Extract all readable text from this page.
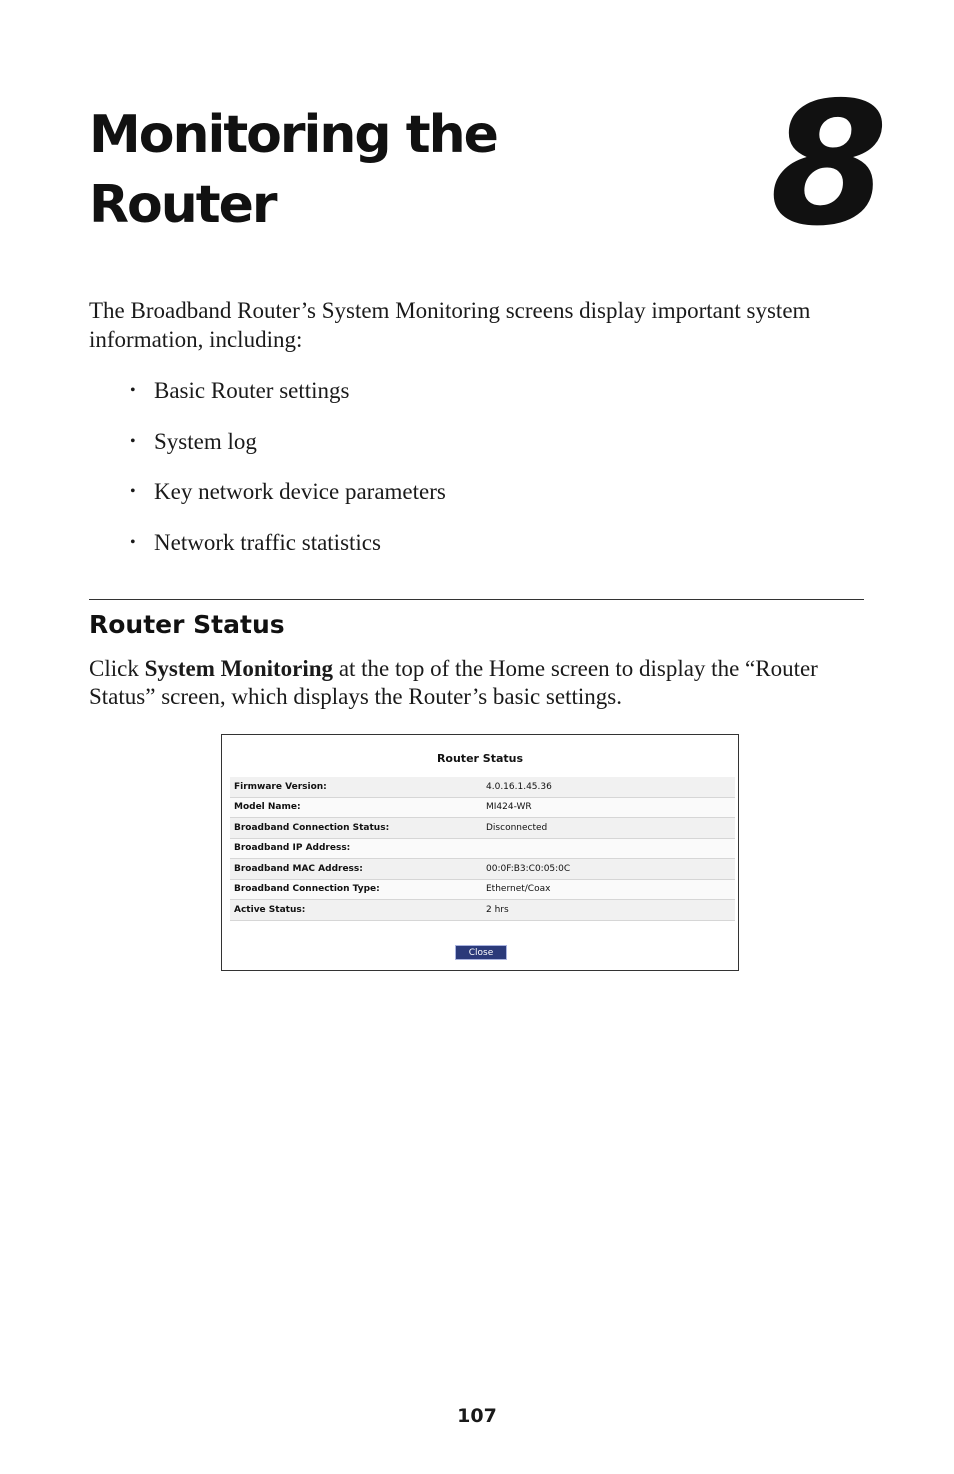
Monitoring the Router	8
The Broadband Router’s System Monitoring screens display important system information, including:
• Basic Router settings
• System log
• Key network device parameters
• Network traffic statistics
Router Status
Click System Monitoring at the top of the Home screen to display the “Router Status” screen, which displays the Router’s basic settings.
Router Status
Firmware Version:	4.0.16.1.45.36
Model Name:	MI424-WR
Broadband Connection Status:	Disconnected
Broadband IP Address:
Broadband MAC Address:	00:0F:B3:C0:05:0C
Broadband Connection Type:	Ethernet/Coax
Active Status:	2 hrs
Close
107
